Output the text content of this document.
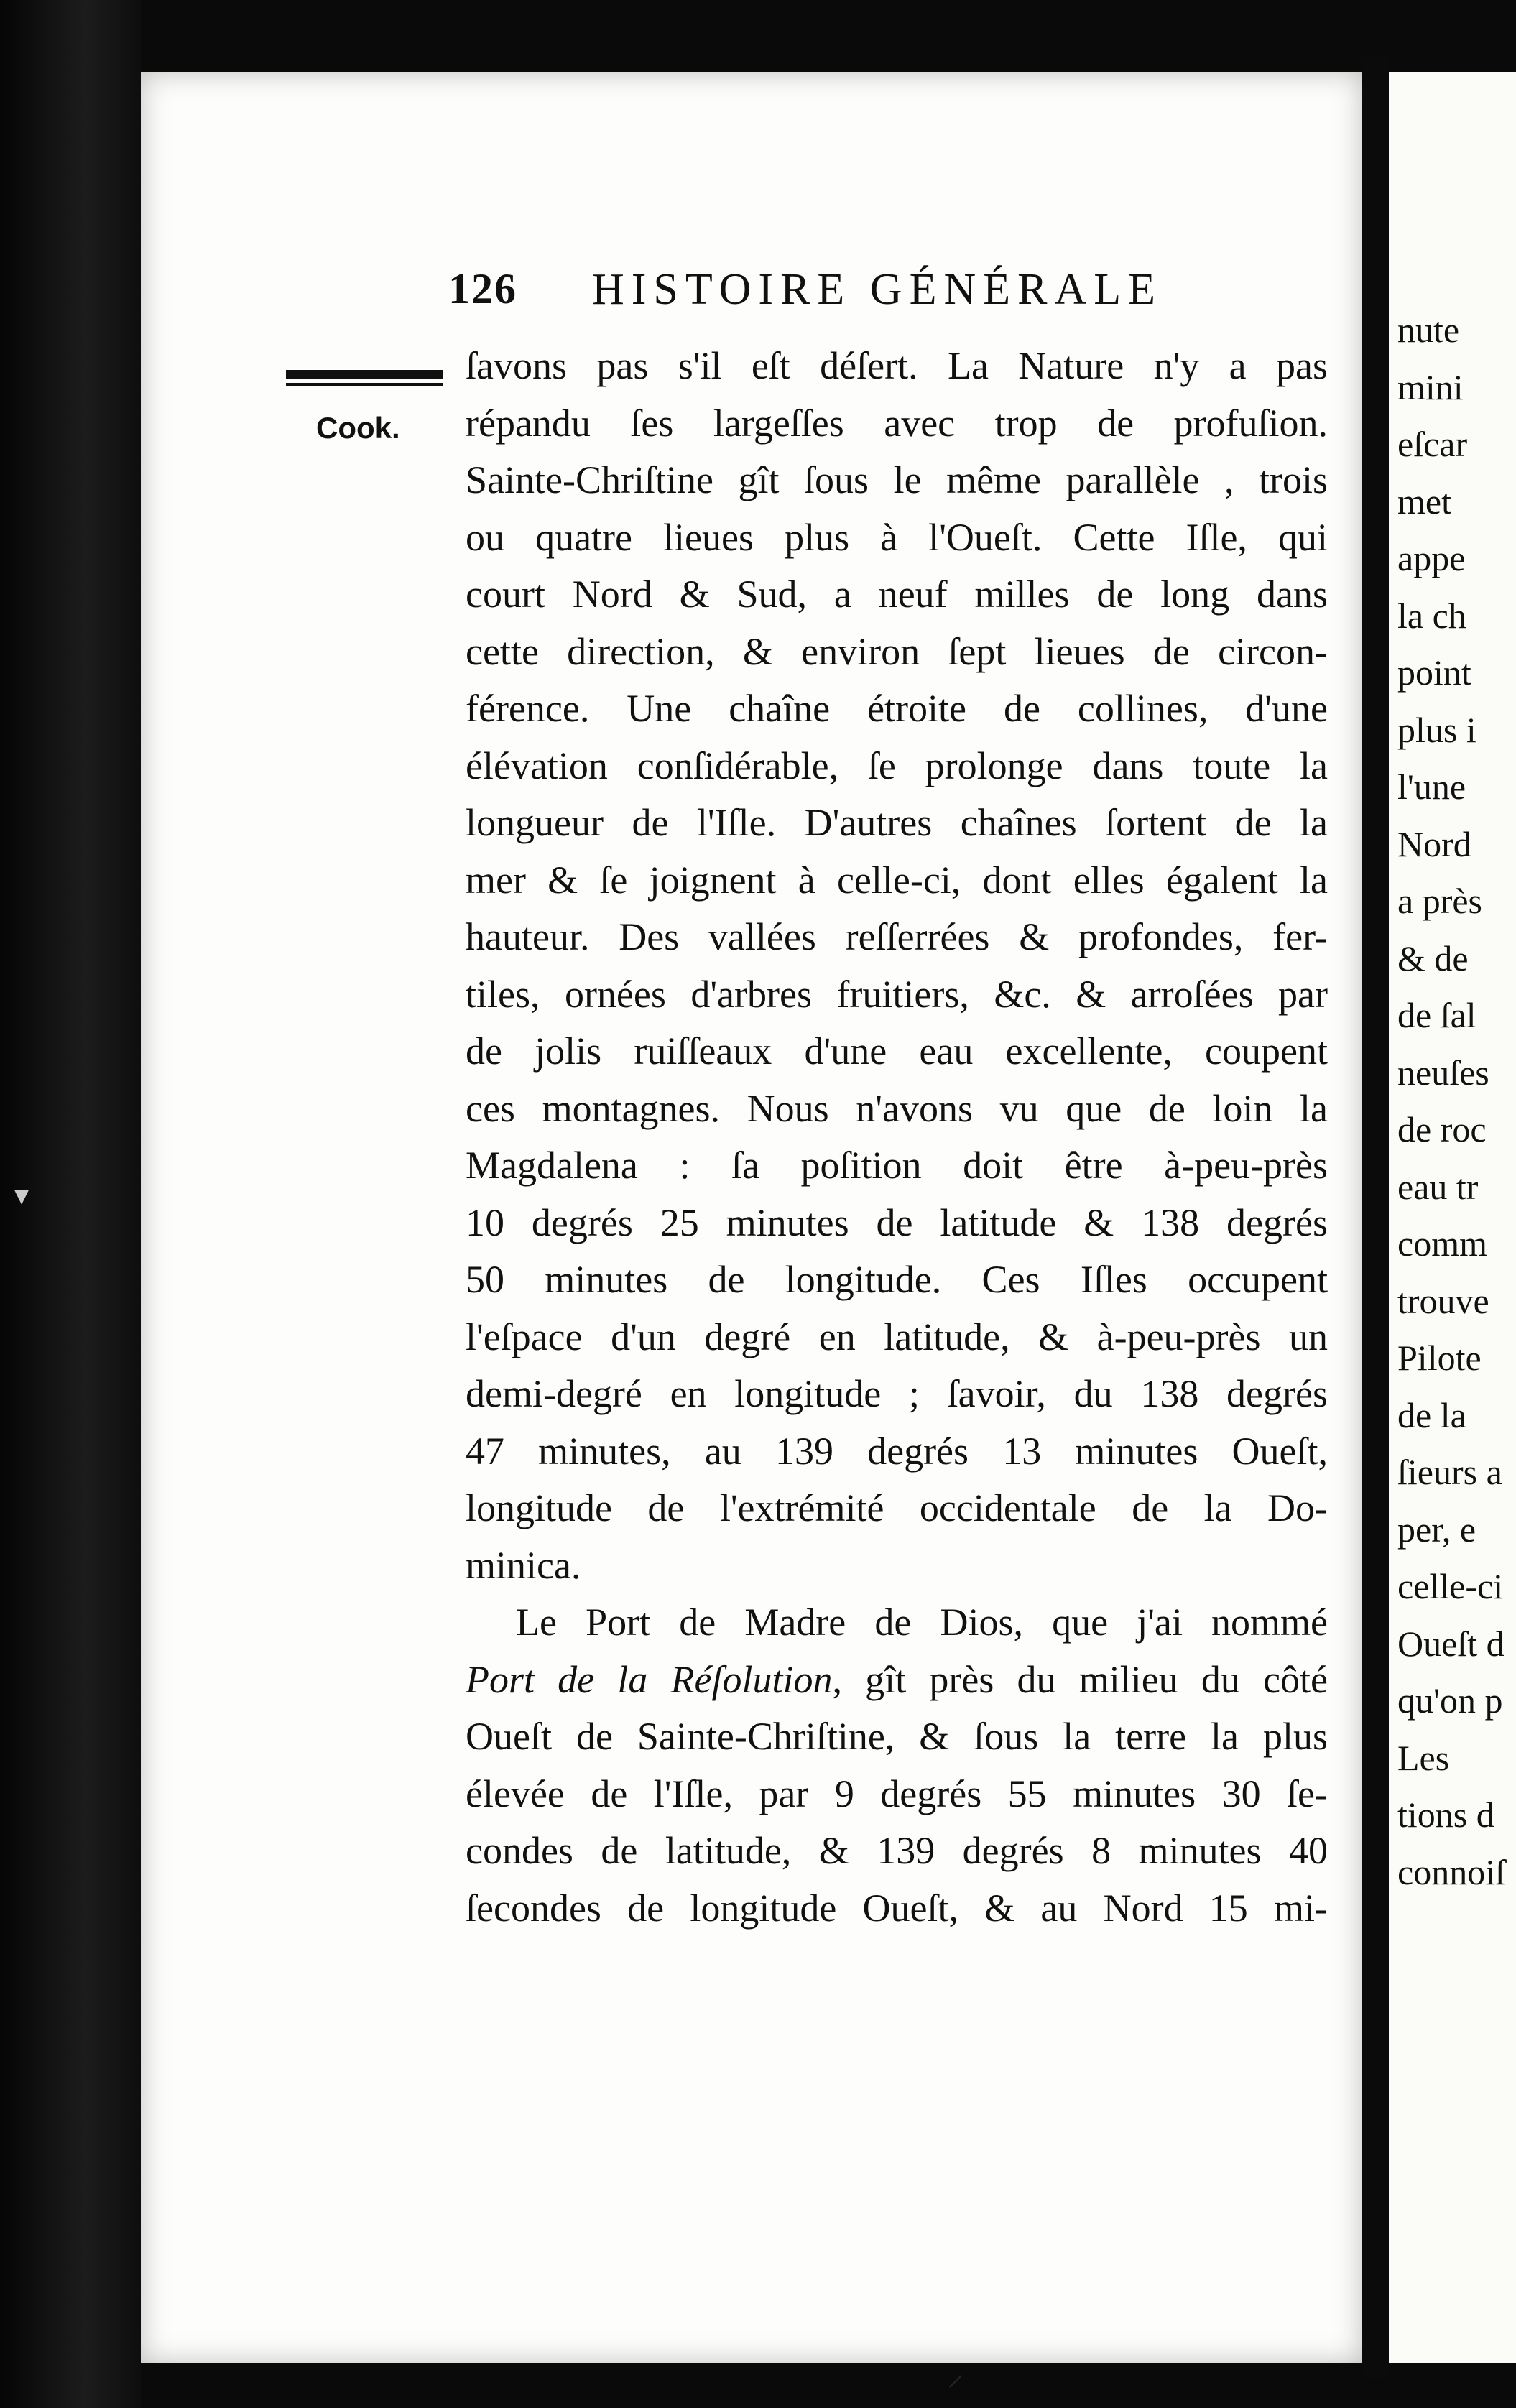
126 HISTOIRE GÉNÉRALE
Cook.
ſavons pas s'il eſt déſert. La Nature n'y a pas
répandu ſes largeſſes avec trop de profuſion.
Sainte-Chriſtine gît ſous le même parallèle , trois
ou quatre lieues plus à l'Oueſt. Cette Iſle, qui
court Nord & Sud, a neuf milles de long dans
cette direction, & environ ſept lieues de circon-
férence. Une chaîne étroite de collines, d'une
élévation conſidérable, ſe prolonge dans toute la
longueur de l'Iſle. D'autres chaînes ſortent de la
mer & ſe joignent à celle-ci, dont elles égalent la
hauteur. Des vallées reſſerrées & profondes, fer-
tiles, ornées d'arbres fruitiers, &c. & arroſées par
de jolis ruiſſeaux d'une eau excellente, coupent
ces montagnes. Nous n'avons vu que de loin la
Magdalena : ſa poſition doit être à-peu-près
10 degrés 25 minutes de latitude & 138 degrés
50 minutes de longitude. Ces Iſles occupent
l'eſpace d'un degré en latitude, & à-peu-près un
demi-degré en longitude ; ſavoir, du 138 degrés
47 minutes, au 139 degrés 13 minutes Oueſt,
longitude de l'extrémité occidentale de la Do-
minica.
Le Port de Madre de Dios, que j'ai nommé
Port de la Réſolution, gît près du milieu du côté
Oueſt de Sainte-Chriſtine, & ſous la terre la plus
élevée de l'Iſle, par 9 degrés 55 minutes 30 ſe-
condes de latitude, & 139 degrés 8 minutes 40
ſecondes de longitude Oueſt, & au Nord 15 mi-
nute
mini
eſcar
met
appe
la ch
point
plus i
l'une
Nord
a près
& de
de ſal
neuſes
de roc
eau tr
comm
trouve
Pilote
de la
ſieurs a
per, e
celle-ci
Oueſt d
qu'on p
Les
tions d
connoiſ
▾
⸝
